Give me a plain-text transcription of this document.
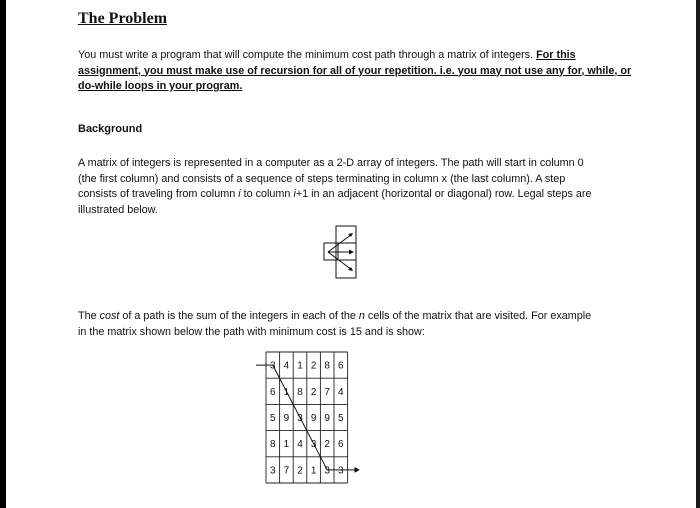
The Problem

You must write a program that will compute the minimum cost path through a matrix of integers. For this assignment, you must make use of recursion for all of your repetition. i.e. you may not use any for, while, or do-while loops in your program.

Background

A matrix of integers is represented in a computer as a 2-D array of integers. The path will start in column 0 (the first column) and consists of a sequence of steps terminating in column x (the last column). A step consists of traveling from column i to column i+1 in an adjacent (horizontal or diagonal) row. Legal steps are illustrated below.

The cost of a path is the sum of the integers in each of the n cells of the matrix that are visited. For example in the matrix shown below the path with minimum cost is 15 and is show:

3 4 1 2 8 6
6 1 8 2 7 4
5 9 3 9 9 5
8 1 4 3 2 6
3 7 2 1 3 3
